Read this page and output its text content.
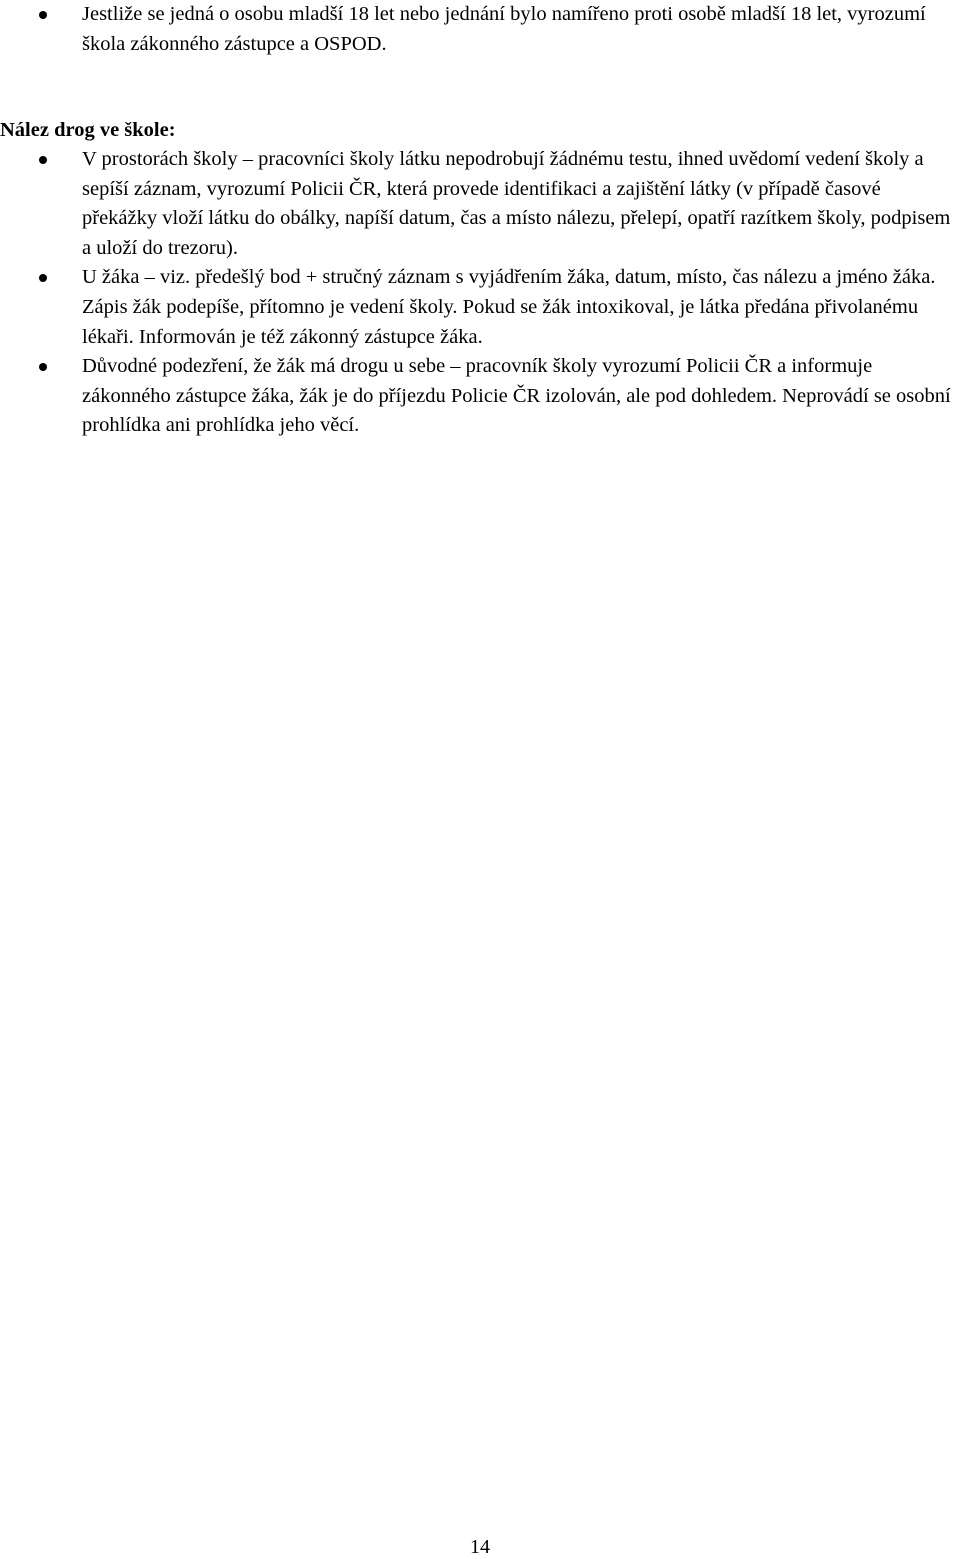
Jestliže se jedná o osobu mladší 18 let nebo jednání bylo namířeno proti osobě mladší 18 let, vyrozumí škola zákonného zástupce a OSPOD.
Nález drog ve škole:
V prostorách školy – pracovníci školy látku nepodrobují žádnému testu, ihned uvědomí vedení školy a sepíší záznam, vyrozumí Policii ČR, která provede identifikaci a zajištění látky (v případě časové překážky vloží látku do obálky, napíší datum, čas a místo nálezu, přelepí, opatří razítkem školy, podpisem a uloží do trezoru).
U žáka – viz. předešlý bod + stručný záznam s vyjádřením žáka, datum, místo, čas nálezu a jméno žáka. Zápis žák podepíše, přítomno je vedení školy. Pokud se žák intoxikoval, je látka předána přivolanému lékaři. Informován je též zákonný zástupce žáka.
Důvodné podezření, že žák má drogu u sebe – pracovník školy vyrozumí Policii ČR a informuje zákonného zástupce žáka, žák je do příjezdu Policie ČR izolován, ale pod dohledem. Neprovádí se osobní prohlídka ani prohlídka jeho věcí.
14
